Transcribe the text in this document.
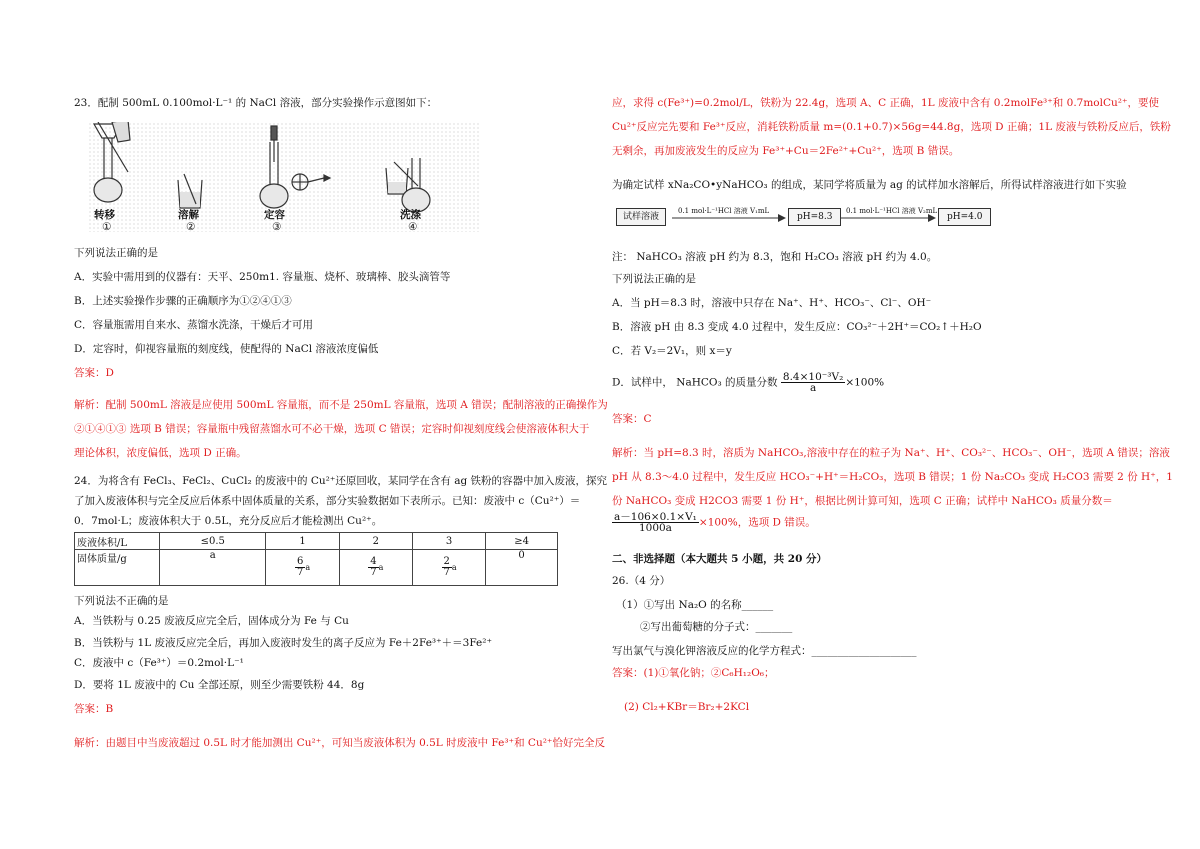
23．配制 500mL 0.100mol·L⁻¹ 的 NaCl 溶液，部分实验操作示意图如下：
转移
①
溶解
②
定容
③
洗涤
④
下列说法正确的是
A．实验中需用到的仪器有：天平、250m1. 容量瓶、烧杯、玻璃棒、胶头滴管等
B．上述实验操作步骤的正确顺序为①②④①③
C．容量瓶需用自来水、蒸馏水洗涤，干燥后才可用
D．定容时，仰视容量瓶的刻度线，使配得的 NaCl 溶液浓度偏低
答案：D
解析：配制 500mL 溶液是应使用 500mL 容量瓶，而不是 250mL 容量瓶，选项 A 错误；配制溶液的正确操作为
②①④①③ 选项 B 错误；容量瓶中残留蒸馏水可不必干燥，选项 C 错误；定容时仰视刻度线会使溶液体积大于
理论体积，浓度偏低，选项 D 正确。
24．为将含有 FeCl₃、FeCl₂、CuCl₂ 的废液中的 Cu²⁺还原回收，某同学在含有 ag 铁粉的容器中加入废液，探究
了加入废液体积与完全反应后体系中固体质量的关系，部分实验数据如下表所示。已知：废液中 c（Cu²⁺）＝
0．7mol·L；废液体积大于 0.5L，充分反应后才能检测出 Cu²⁺。
废液体积/L	≤0.5	1	2	3	≥4
固体质量/g	a	$\frac{6}{7}$ a	$\frac{4}{7}$ a	$\frac{2}{7}$ a	0
下列说法不正确的是
A．当铁粉与 0.25 废液反应完全后，固体成分为 Fe 与 Cu
B．当铁粉与 1L 废液反应完全后，再加入废液时发生的离子反应为 Fe＋2Fe³⁺＋＝3Fe²⁺
C．废液中 c（Fe³⁺）＝0.2mol·L⁻¹
D．要将 1L 废液中的 Cu 全部还原，则至少需要铁粉 44．8g
答案：B
解析：由题目中当废液超过 0.5L 时才能加测出 Cu²⁺，可知当废液体积为 0.5L 时废液中 Fe³⁺和 Cu²⁺恰好完全反
应，求得 c(Fe³⁺)=0.2mol/L，铁粉为 22.4g，选项 A、C 正确，1L 废液中含有 0.2molFe³⁺和 0.7molCu²⁺，要使
Cu²⁺反应完先要和 Fe³⁺反应，消耗铁粉质量 m=(0.1+0.7)×56g=44.8g，选项 D 正确；1L 废液与铁粉反应后，铁粉
无剩余，再加废液发生的反应为 Fe³⁺+Cu＝2Fe²⁺+Cu²⁺，选项 B 错误。
为确定试样 xNa₂CO•yNaHCO₃ 的组成，某同学将质量为 ag 的试样加水溶解后，所得试样溶液进行如下实验
试样溶液
0.1 mol·L⁻¹HCl 溶液 V₁mL
pH=8.3
0.1 mol·L⁻¹HCl 溶液 V₂mL
pH=4.0
注： NaHCO₃ 溶液 pH 约为 8.3，饱和 H₂CO₃ 溶液 pH 约为 4.0。
下列说法正确的是
A．当 pH＝8.3 时，溶液中只存在 Na⁺、H⁺、HCO₃⁻、Cl⁻、OH⁻
B．溶液 pH 由 8.3 变成 4.0 过程中，发生反应：CO₃²⁻＋2H⁺＝CO₂↑＋H₂O
C．若 V₂＝2V₁，则 x＝y
D．试样中， NaHCO₃ 的质量分数 $\frac{\text{8.4×10⁻³V₂}}{a} \times 100\%$
答案：C
解析：当 pH=8.3 时，溶质为 NaHCO₃,溶液中存在的粒子为 Na⁺、H⁺、CO₃²⁻、HCO₃⁻、OH⁻，选项 A 错误；溶液
pH 从 8.3～4.0 过程中，发生反应 HCO₃⁻+H⁺＝H₂CO₃，选项 B 错误；1 份 Na₂CO₃ 变成 H₂CO3 需要 2 份 H⁺，1
份 NaHCO₃ 变成 H2CO3 需要 1 份 H⁺，根据比例计算可知，选项 C 正确；试样中 NaHCO₃ 质量分数＝
$\frac{\text{a－106×0.1×V₁}}{1000a} \times 100\%$，选项 D 错误。
二、非选择题（本大题共 5 小题，共 20 分）
26.（4 分）
（1）①写出 Na₂O 的名称______
②写出葡萄糖的分子式：_______
写出氯气与溴化钾溶液反应的化学方程式：____________________
答案：(1)①氧化钠；②C₆H₁₂O₆；
(2) Cl₂+KBr＝Br₂+2KCl
